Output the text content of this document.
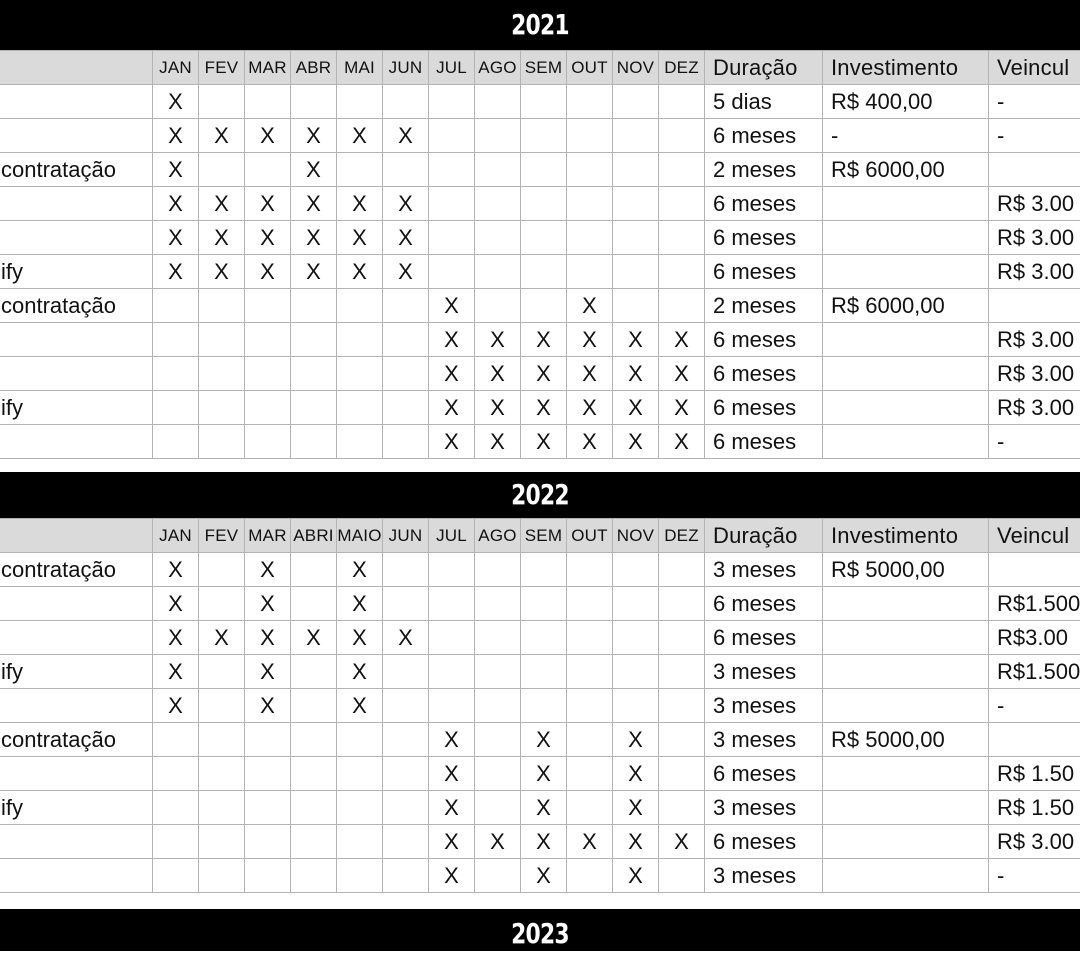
2021
	JAN	FEV	MAR	ABR	MAI	JUN	JUL	AGO	SEM	OUT	NOV	DEZ	Duração	Investimento	Veincul
	X												5 dias	R$ 400,00	-
	X	X	X	X	X	X							6 meses	-	-
contratação	X			X									2 meses	R$ 6000,00	
	X	X	X	X	X	X							6 meses		R$ 3.00
	X	X	X	X	X	X							6 meses		R$ 3.00
ify	X	X	X	X	X	X							6 meses		R$ 3.00
contratação							X			X			2 meses	R$ 6000,00	
							X	X	X	X	X	X	6 meses		R$ 3.00
							X	X	X	X	X	X	6 meses		R$ 3.00
ify							X	X	X	X	X	X	6 meses		R$ 3.00
							X	X	X	X	X	X	6 meses		-
2022
	JAN	FEV	MAR	ABRI	MAIO	JUN	JUL	AGO	SEM	OUT	NOV	DEZ	Duração	Investimento	Veincul
contratação	X		X		X								3 meses	R$ 5000,00	
	X		X		X								6 meses		R$1.500
	X	X	X	X	X	X							6 meses		R$3.00
ify	X		X		X								3 meses		R$1.500
	X		X		X								3 meses		-
contratação							X		X		X		3 meses	R$ 5000,00	
							X		X		X		6 meses		R$ 1.50
ify							X		X		X		3 meses		R$ 1.50
							X	X	X	X	X	X	6 meses		R$ 3.00
							X		X		X		3 meses		-
2023
